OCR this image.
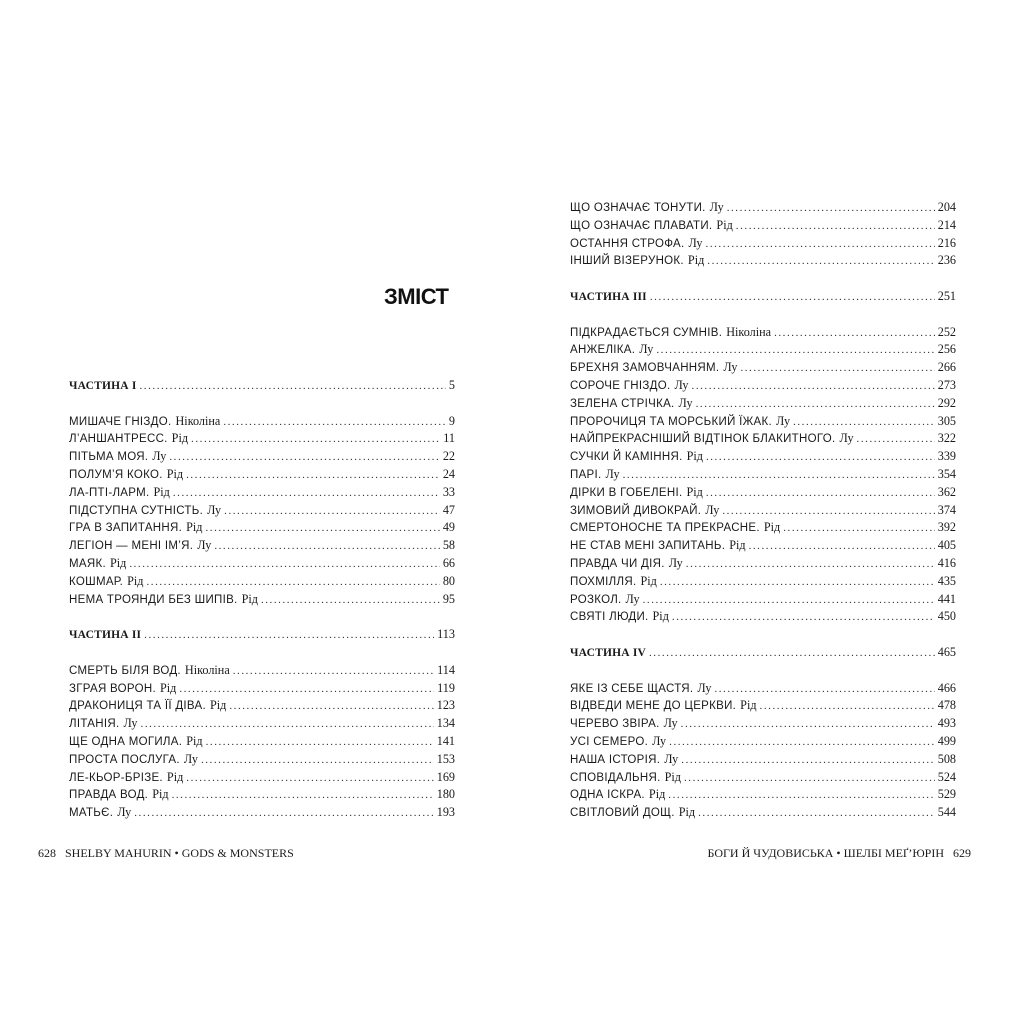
ЗМІСТ
ЧАСТИНА I . . .	5
МИШАЧЕ ГНІЗДО. Ніколіна . . .	9
Л’АНШАНТРЕСС. Рід . . .	11
ПІТЬМА МОЯ. Лу . . .	22
ПОЛУМ’Я КОКО. Рід . . .	24
ЛА-ПТІ-ЛАРМ. Рід . . .	33
ПІДСТУПНА СУТНІСТЬ. Лу . . .	47
ГРА В ЗАПИТАННЯ. Рід . . .	49
ЛЕГІОН — МЕНІ ІМ’Я. Лу . . .	58
МАЯК. Рід . . .	66
КОШМАР. Рід . . .	80
НЕМА ТРОЯНДИ БЕЗ ШИПІВ. Рід . . .	95
ЧАСТИНА II . . .	113
СМЕРТЬ БІЛЯ ВОД. Ніколіна . . .	114
ЗГРАЯ ВОРОН. Рід . . .	119
ДРАКОНИЦЯ ТА ЇЇ ДІВА. Рід . . .	123
ЛІТАНІЯ. Лу . . .	134
ЩЕ ОДНА МОГИЛА. Рід . . .	141
ПРОСТА ПОСЛУГА. Лу . . .	153
ЛЕ-КЬОР-БРІЗЕ. Рід . . .	169
ПРАВДА ВОД. Рід . . .	180
МАТЬЄ. Лу . . .	193
628 SHELBY MAHURIN • GODS & MONSTERS
ЩО ОЗНАЧАЄ ТОНУТИ. Лу . . .	204
ЩО ОЗНАЧАЄ ПЛАВАТИ. Рід . . .	214
ОСТАННЯ СТРОФА. Лу . . .	216
ІНШИЙ ВІЗЕРУНОК. Рід . . .	236
ЧАСТИНА III . . .	251
ПІДКРАДАЄТЬСЯ СУМНІВ. Ніколіна . . .	252
АНЖЕЛІКА. Лу . . .	256
БРЕХНЯ ЗАМОВЧАННЯМ. Лу . . .	266
СОРОЧЕ ГНІЗДО. Лу . . .	273
ЗЕЛЕНА СТРІЧКА. Лу . . .	292
ПРОРОЧИЦЯ ТА МОРСЬКИЙ ЇЖАК. Лу . . .	305
НАЙПРЕКРАСНІШИЙ ВІДТІНОК БЛАКИТНОГО. Лу . . .	322
СУЧКИ Й КАМІННЯ. Рід . . .	339
ПАРІ. Лу . . .	354
ДІРКИ В ГОБЕЛЕНІ. Рід . . .	362
ЗИМОВИЙ ДИВОКРАЙ. Лу . . .	374
СМЕРТОНОСНЕ ТА ПРЕКРАСНЕ. Рід . . .	392
НЕ СТАВ МЕНІ ЗАПИТАНЬ. Рід . . .	405
ПРАВДА ЧИ ДІЯ. Лу . . .	416
ПОХМІЛЛЯ. Рід . . .	435
РОЗКОЛ. Лу . . .	441
СВЯТІ ЛЮДИ. Рід . . .	450
ЧАСТИНА IV . . .	465
ЯКЕ ІЗ СЕБЕ ЩАСТЯ. Лу . . .	466
ВІДВЕДИ МЕНЕ ДО ЦЕРКВИ. Рід . . .	478
ЧЕРЕВО ЗВІРА. Лу . . .	493
УСІ СЕМЕРО. Лу . . .	499
НАША ІСТОРІЯ. Лу . . .	508
СПОВІДАЛЬНЯ. Рід . . .	524
ОДНА ІСКРА. Рід . . .	529
СВІТЛОВИЙ ДОЩ. Рід . . .	544
БОГИ Й ЧУДОВИСЬКА • ШЕЛБІ МЕҐ’ЮРІН 629
